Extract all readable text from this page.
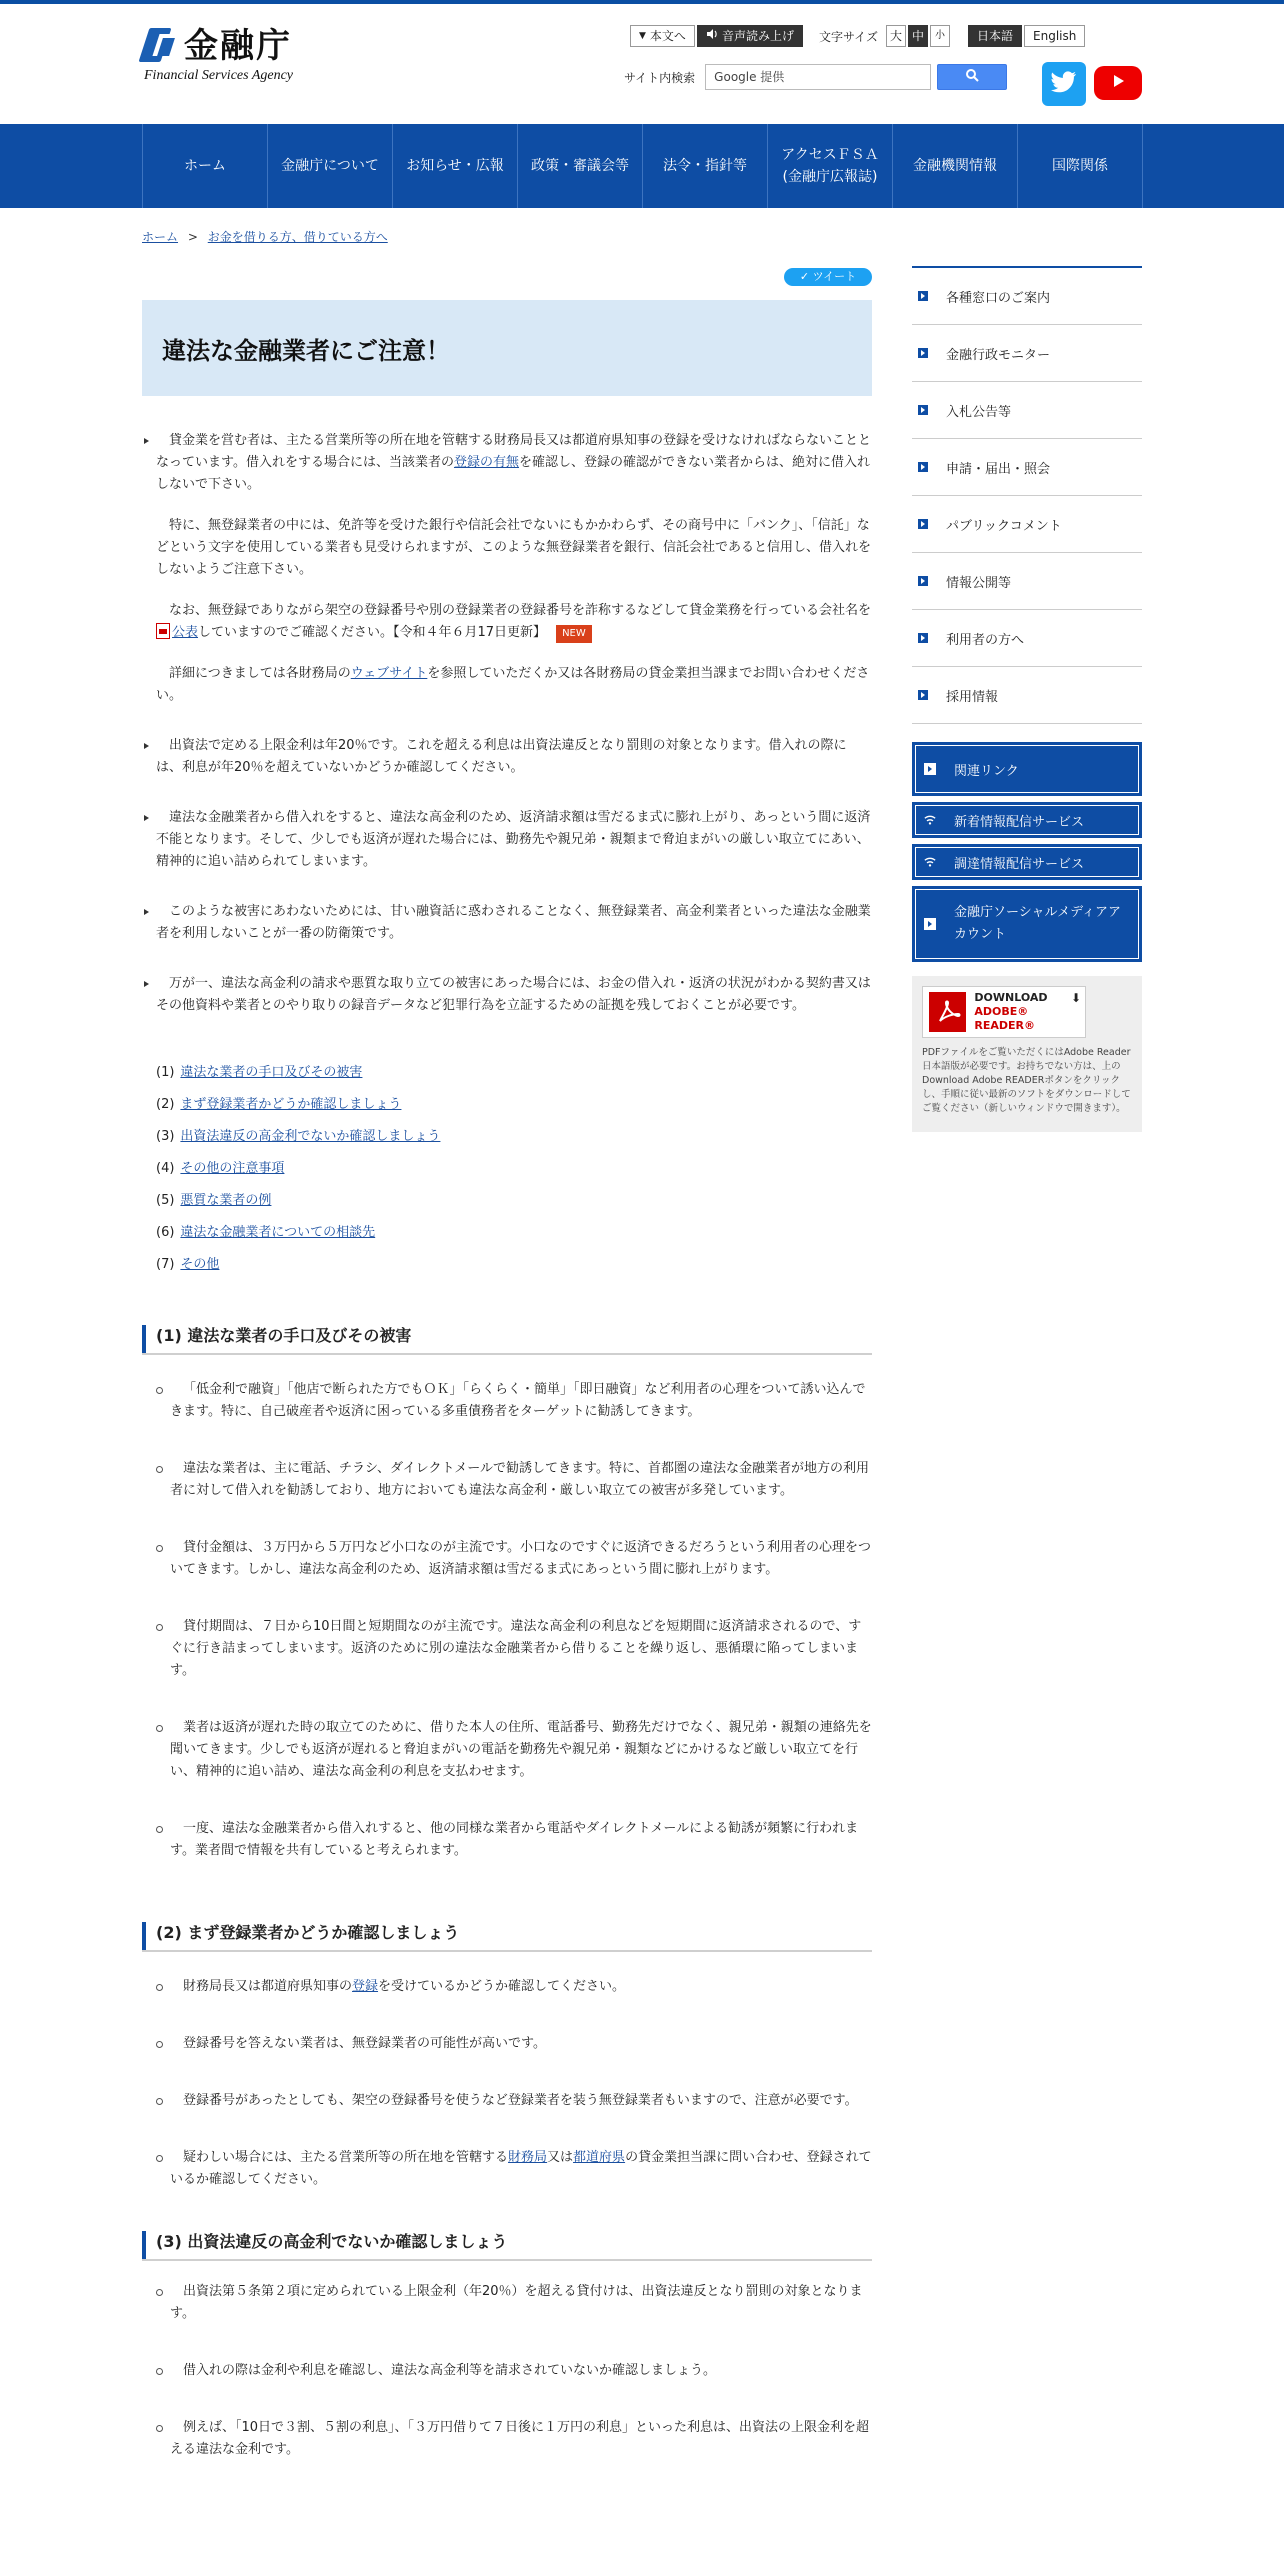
金融庁
Financial Services Agency
▼ 本文へ	音声読み上げ 文字サイズ 大 中	小	日本語	English
サイト内検索	Google 提供
ホーム	金融庁について	お知らせ・広報	政策・審議会等	法令・指針等
アクセスＦＳＡ
(金融庁広報誌)
金融機関情報	国際関係
ホーム > お金を借りる方、借りている方へ
✓ ツイート
違法な金融業者にご注意！

貸金業を営む者は、主たる営業所等の所在地を管轄する財務局長又は都道府県知事の登録を受けなければならないこととなっています。借入れをする場合には、当該業者の登録の有無を確認し、登録の確認ができない業者からは、絶対に借入れしないで下さい。

特に、無登録業者の中には、免許等を受けた銀行や信託会社でないにもかかわらず、その商号中に「バンク」、「信託」などという文字を使用している業者も見受けられますが、このような無登録業者を銀行、信託会社であると信用し、借入れをしないようご注意下さい。

なお、無登録でありながら架空の登録番号や別の登録業者の登録番号を詐称するなどして貸金業務を行っている会社名を公表していますのでご確認ください。【令和４年６月17日更新】 NEW

詳細につきましては各財務局のウェブサイトを参照していただくか又は各財務局の貸金業担当課までお問い合わせください。

出資法で定める上限金利は年20％です。これを超える利息は出資法違反となり罰則の対象となります。借入れの際には、利息が年20％を超えていないかどうか確認してください。

違法な金融業者から借入れをすると、違法な高金利のため、返済請求額は雪だるま式に膨れ上がり、あっという間に返済不能となります。そして、少しでも返済が遅れた場合には、勤務先や親兄弟・親類まで脅迫まがいの厳しい取立てにあい、精神的に追い詰められてしまいます。

このような被害にあわないためには、甘い融資話に惑わされることなく、無登録業者、高金利業者といった違法な金融業者を利用しないことが一番の防衛策です。

万が一、違法な高金利の請求や悪質な取り立ての被害にあった場合には、お金の借入れ・返済の状況がわかる契約書又はその他資料や業者とのやり取りの録音データなど犯罪行為を立証するための証拠を残しておくことが必要です。

(1) 違法な業者の手口及びその被害
(2) まず登録業者かどうか確認しましょう
(3) 出資法違反の高金利でないか確認しましょう
(4) その他の注意事項
(5) 悪質な業者の例
(6) 違法な金融業者についての相談先
(7) その他
(1) 違法な業者の手口及びその被害

「低金利で融資」「他店で断られた方でもＯＫ」「らくらく・簡単」「即日融資」など利用者の心理をついて誘い込んできます。特に、自己破産者や返済に困っている多重債務者をターゲットに勧誘してきます。

違法な業者は、主に電話、チラシ、ダイレクトメールで勧誘してきます。特に、首都圏の違法な金融業者が地方の利用者に対して借入れを勧誘しており、地方においても違法な高金利・厳しい取立ての被害が多発しています。

貸付金額は、３万円から５万円など小口なのが主流です。小口なのですぐに返済できるだろうという利用者の心理をついてきます。しかし、違法な高金利のため、返済請求額は雪だるま式にあっという間に膨れ上がります。

貸付期間は、７日から10日間と短期間なのが主流です。違法な高金利の利息などを短期間に返済請求されるので、すぐに行き詰まってしまいます。返済のために別の違法な金融業者から借りることを繰り返し、悪循環に陥ってしまいます。

業者は返済が遅れた時の取立てのために、借りた本人の住所、電話番号、勤務先だけでなく、親兄弟・親類の連絡先を聞いてきます。少しでも返済が遅れると脅迫まがいの電話を勤務先や親兄弟・親類などにかけるなど厳しい取立てを行い、精神的に追い詰め、違法な高金利の利息を支払わせます。

一度、違法な金融業者から借入れすると、他の同様な業者から電話やダイレクトメールによる勧誘が頻繁に行われます。業者間で情報を共有していると考えられます。

(2) まず登録業者かどうか確認しましょう

財務局長又は都道府県知事の登録を受けているかどうか確認してください。

登録番号を答えない業者は、無登録業者の可能性が高いです。

登録番号があったとしても、架空の登録番号を使うなど登録業者を装う無登録業者もいますので、注意が必要です。

疑わしい場合には、主たる営業所等の所在地を管轄する財務局又は都道府県の貸金業担当課に問い合わせ、登録されているか確認してください。

(3) 出資法違反の高金利でないか確認しましょう

出資法第５条第２項に定められている上限金利（年20％）を超える貸付けは、出資法違反となり罰則の対象となります。

借入れの際は金利や利息を確認し、違法な高金利等を請求されていないか確認しましょう。

例えば、「10日で３割、５割の利息」、「３万円借りて７日後に１万円の利息」といった利息は、出資法の上限金利を超える違法な金利です。

各種窓口のご案内
金融行政モニター
入札公告等
申請・届出・照会
パブリックコメント
情報公開等
利用者の方へ
採用情報
関連リンク
新着情報配信サービス
調達情報配信サービス
金融庁ソーシャルメディアアカウント
DOWNLOAD
ADOBE® READER®
⬇

PDFファイルをご覧いただくにはAdobe Reader日本語版が必要です。お持ちでない方は、上のDownload Adobe READERボタンをクリックし、手順に従い最新のソフトをダウンロードしてご覧ください（新しいウィンドウで開きます）。
